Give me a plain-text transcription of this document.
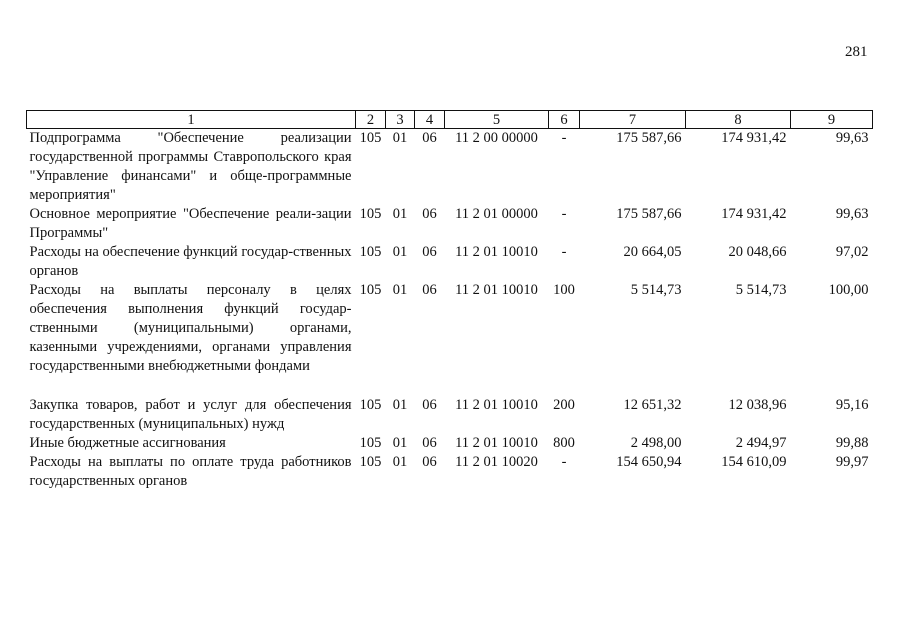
281
1	2	3	4	5	6	7	8	9
Подпрограмма "Обеспечение реализации государственной программы Ставропольского края "Управление финансами" и обще-программные мероприятия"	105	01	06	11 2 00 00000	-	175 587,66	174 931,42	99,63
Основное мероприятие "Обеспечение реали-зации Программы"	105	01	06	11 2 01 00000	-	175 587,66	174 931,42	99,63
Расходы на обеспечение функций государ-ственных органов	105	01	06	11 2 01 10010	-	20 664,05	20 048,66	97,02
Расходы на выплаты персоналу в целях обеспечения выполнения функций государ-ственными (муниципальными) органами, казенными учреждениями, органами управления государственными внебюджетными фондами	105	01	06	11 2 01 10010	100	5 514,73	5 514,73	100,00
Закупка товаров, работ и услуг для обеспечения государственных (муниципальных) нужд	105	01	06	11 2 01 10010	200	12 651,32	12 038,96	95,16
Иные бюджетные ассигнования	105	01	06	11 2 01 10010	800	2 498,00	2 494,97	99,88
Расходы на выплаты по оплате труда работников государственных органов	105	01	06	11 2 01 10020	-	154 650,94	154 610,09	99,97
